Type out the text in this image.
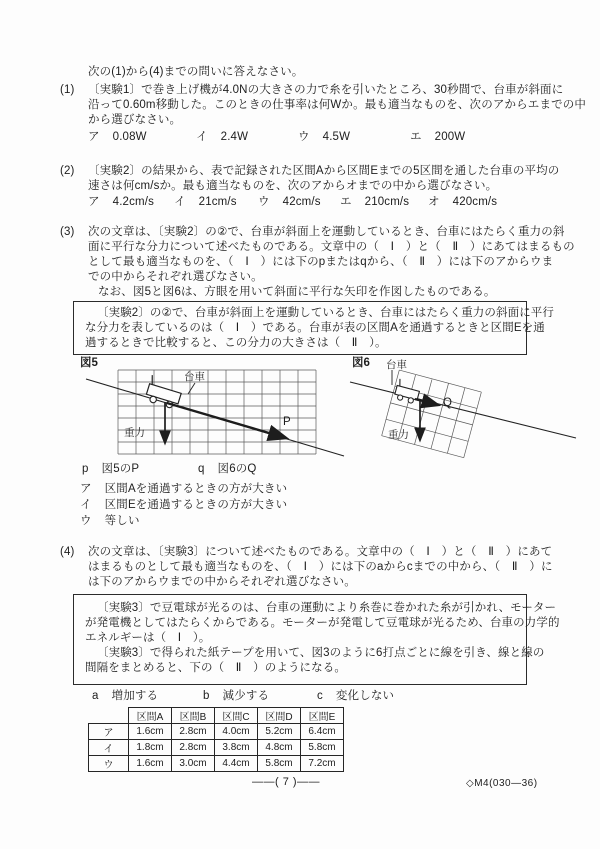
次の(1)から(4)までの問いに答えなさい。
(1) 〔実験1〕で巻き上げ機が4.0Nの大きさの力で糸を引いたところ、30秒間で、台車が斜面に
沿って0.60m移動した。このときの仕事率は何Wか。最も適当なものを、次のアからエまでの中
から選びなさい。
ア 0.08W	イ 2.4W	ウ 4.5W	エ 200W
(2) 〔実験2〕の結果から、表で記録された区間Aから区間Eまでの5区間を通した台車の平均の
速さは何cm/sか。最も適当なものを、次のアからオまでの中から選びなさい。
ア 4.2cm/s イ 21cm/s ウ 42cm/s エ 210cm/s オ 420cm/s
(3) 次の文章は、〔実験2〕の②で、台車が斜面上を運動しているとき、台車にはたらく重力の斜
面に平行な分力について述べたものである。文章中の（　Ⅰ　）と（　Ⅱ　）にあてはまるもの
として最も適当なものを、（　Ⅰ　）には下のpまたはqから、（　Ⅱ　）には下のアからウま
での中からそれぞれ選びなさい。
なお、図5と図6は、方眼を用いて斜面に平行な矢印を作図したものである。
〔実験2〕の②で、台車が斜面上を運動しているとき、台車にはたらく重力の斜面に平行
な分力を表しているのは（　Ⅰ　）である。台車が表の区間Aを通過するときと区間Eを通
過するときで比較すると、この分力の大きさは（　Ⅱ　）。
図5
台車
重力
P
図6 台車
Q
重力
p 図5のP	q 図6のQ
ア 区間Aを通過するときの方が大きい
イ 区間Eを通過するときの方が大きい
ウ 等しい
(4) 次の文章は、〔実験3〕について述べたものである。文章中の（　Ⅰ　）と（　Ⅱ　）にあて
はまるものとして最も適当なものを、（　Ⅰ　）には下のaからcまでの中から、（　Ⅱ　）に
は下のアからウまでの中からそれぞれ選びなさい。
〔実験3〕で豆電球が光るのは、台車の運動により糸巻に巻かれた糸が引かれ、モーター
が発電機としてはたらくからである。モーターが発電して豆電球が光るため、台車の力学的
エネルギーは（　Ⅰ　）。
〔実験3〕で得られた紙テープを用いて、図3のように6打点ごとに線を引き、線と線の
間隔をまとめると、下の（　Ⅱ　）のようになる。
a 増加する	b 減少する	c 変化しない
	区間A	区間B	区間C	区間D	区間E
ア	1.6cm	2.8cm	4.0cm	5.2cm	6.4cm
イ	1.8cm	2.8cm	3.8cm	4.8cm	5.8cm
ウ	1.6cm	3.0cm	4.4cm	5.8cm	7.2cm
——( 7 )——	◇M4(030—36)
